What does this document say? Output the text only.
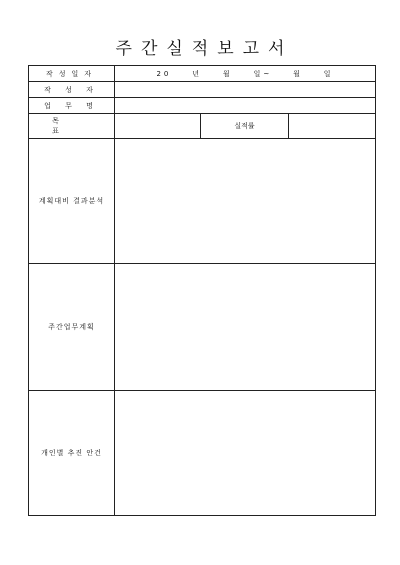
주간실적보고서
작성일자	20    년    월    일~    월    일		
작 성 자			
업 무 명			
목 표		실적률	
계획대비 결과분석			
주간업무계획			
개인별 추진 안건			
